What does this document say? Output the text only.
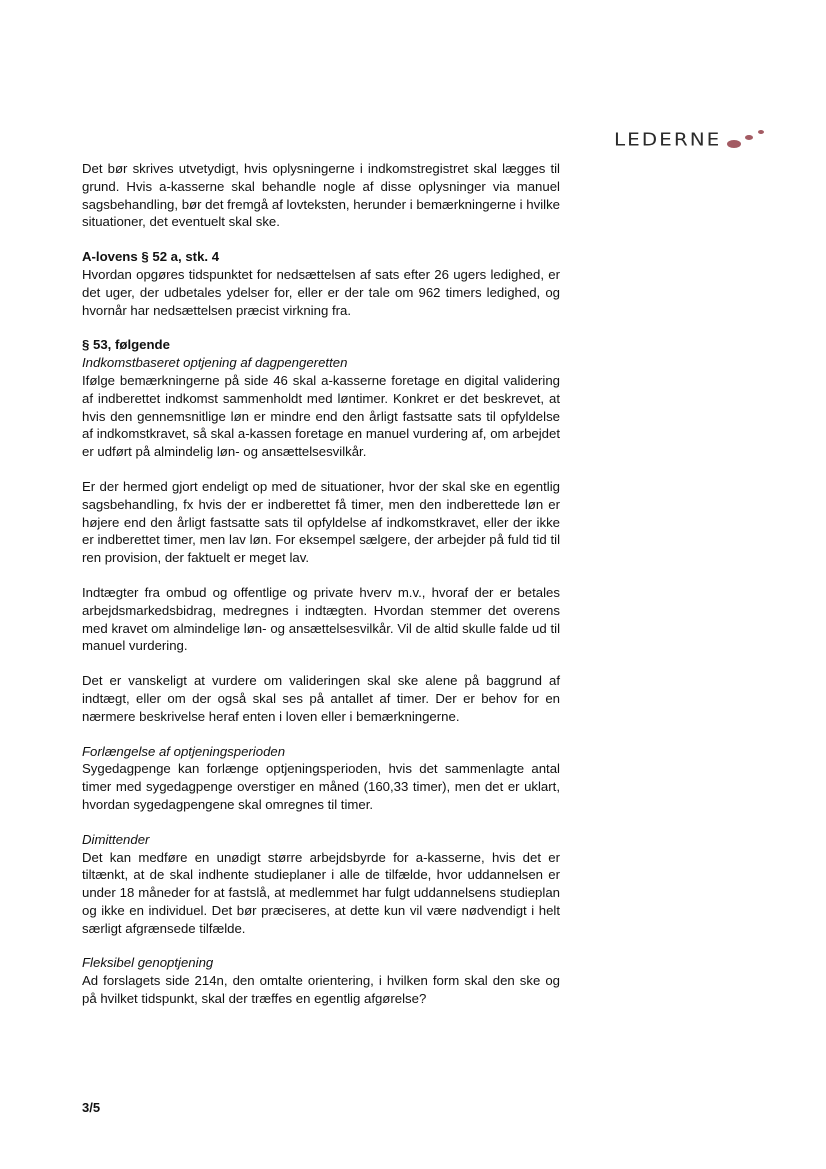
LEDERNE

Det bør skrives utvetydigt, hvis oplysningerne i indkomstregistret skal lægges til grund. Hvis a-kasserne skal behandle nogle af disse oplysninger via manuel sagsbehandling, bør det fremgå af lovteksten, herunder i bemærkningerne i hvilke situationer, det eventuelt skal ske.

A-lovens § 52 a, stk. 4
Hvordan opgøres tidspunktet for nedsættelsen af sats efter 26 ugers ledighed, er det uger, der udbetales ydelser for, eller er der tale om 962 timers ledighed, og hvornår har nedsættelsen præcist virkning fra.

§ 53, følgende
Indkomstbaseret optjening af dagpengeretten
Ifølge bemærkningerne på side 46 skal a-kasserne foretage en digital validering af indberettet indkomst sammenholdt med løntimer. Konkret er det beskrevet, at hvis den gennemsnitlige løn er mindre end den årligt fastsatte sats til opfyldelse af indkomstkravet, så skal a-kassen foretage en manuel vurdering af, om arbejdet er udført på almindelig løn- og ansættelsesvilkår.

Er der hermed gjort endeligt op med de situationer, hvor der skal ske en egentlig sagsbehandling, fx hvis der er indberettet få timer, men den indberettede løn er højere end den årligt fastsatte sats til opfyldelse af indkomstkravet, eller der ikke er indberettet timer, men lav løn. For eksempel sælgere, der arbejder på fuld tid til ren provision, der faktuelt er meget lav.

Indtægter fra ombud og offentlige og private hverv m.v., hvoraf der er betales arbejdsmarkedsbidrag, medregnes i indtægten. Hvordan stemmer det overens med kravet om almindelige løn- og ansættelsesvilkår. Vil de altid skulle falde ud til manuel vurdering.

Det er vanskeligt at vurdere om valideringen skal ske alene på baggrund af indtægt, eller om der også skal ses på antallet af timer. Der er behov for en nærmere beskrivelse heraf enten i loven eller i bemærkningerne.

Forlængelse af optjeningsperioden
Sygedagpenge kan forlænge optjeningsperioden, hvis det sammenlagte antal timer med sygedagpenge overstiger en måned (160,33 timer), men det er uklart, hvordan sygedagpengene skal omregnes til timer.

Dimittender
Det kan medføre en unødigt større arbejdsbyrde for a-kasserne, hvis det er tiltænkt, at de skal indhente studieplaner i alle de tilfælde, hvor uddannelsen er under 18 måneder for at fastslå, at medlemmet har fulgt uddannelsens studieplan og ikke en individuel. Det bør præciseres, at dette kun vil være nødvendigt i helt særligt afgrænsede tilfælde.

Fleksibel genoptjening
Ad forslagets side 214n, den omtalte orientering, i hvilken form skal den ske og på hvilket tidspunkt, skal der træffes en egentlig afgørelse?

3/5
